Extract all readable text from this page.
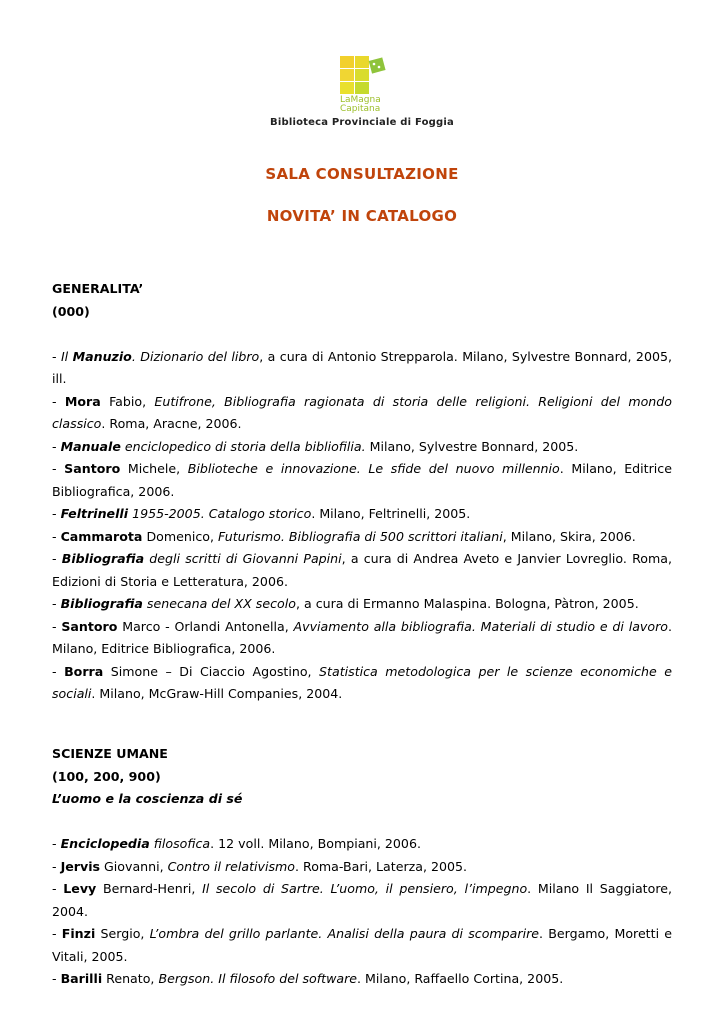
LaMagna
Capitana
Biblioteca Provinciale di Foggia
SALA CONSULTAZIONE
NOVITA’ IN CATALOGO
GENERALITA’
(000)
- Il Manuzio. Dizionario del libro, a cura di Antonio Strepparola. Milano, Sylvestre Bonnard, 2005, ill.
- Mora Fabio, Eutifrone, Bibliografia ragionata di storia delle religioni. Religioni del mondo classico. Roma, Aracne, 2006.
- Manuale enciclopedico di storia della bibliofilia. Milano, Sylvestre Bonnard, 2005.
- Santoro Michele, Biblioteche e innovazione. Le sfide del nuovo millennio. Milano, Editrice Bibliografica, 2006.
- Feltrinelli 1955-2005. Catalogo storico. Milano, Feltrinelli, 2005.
- Cammarota Domenico, Futurismo. Bibliografia di 500 scrittori italiani, Milano, Skira, 2006.
- Bibliografia degli scritti di Giovanni Papini, a cura di Andrea Aveto e Janvier Lovreglio. Roma, Edizioni di Storia e Letteratura, 2006.
- Bibliografia senecana del XX secolo, a cura di Ermanno Malaspina. Bologna, Pàtron, 2005.
- Santoro Marco - Orlandi Antonella, Avviamento alla bibliografia. Materiali di studio e di lavoro. Milano, Editrice Bibliografica, 2006.
- Borra Simone – Di Ciaccio Agostino, Statistica metodologica per le scienze economiche e sociali. Milano, McGraw-Hill Companies, 2004.
SCIENZE UMANE
(100, 200, 900)
L’uomo e la coscienza di sé
- Enciclopedia filosofica. 12 voll. Milano, Bompiani, 2006.
- Jervis Giovanni, Contro il relativismo. Roma-Bari, Laterza, 2005.
- Levy Bernard-Henri, Il secolo di Sartre. L’uomo, il pensiero, l’impegno. Milano Il Saggiatore, 2004.
- Finzi Sergio, L’ombra del grillo parlante. Analisi della paura di scomparire. Bergamo, Moretti e Vitali, 2005.
- Barilli Renato, Bergson. Il filosofo del software. Milano, Raffaello Cortina, 2005.
